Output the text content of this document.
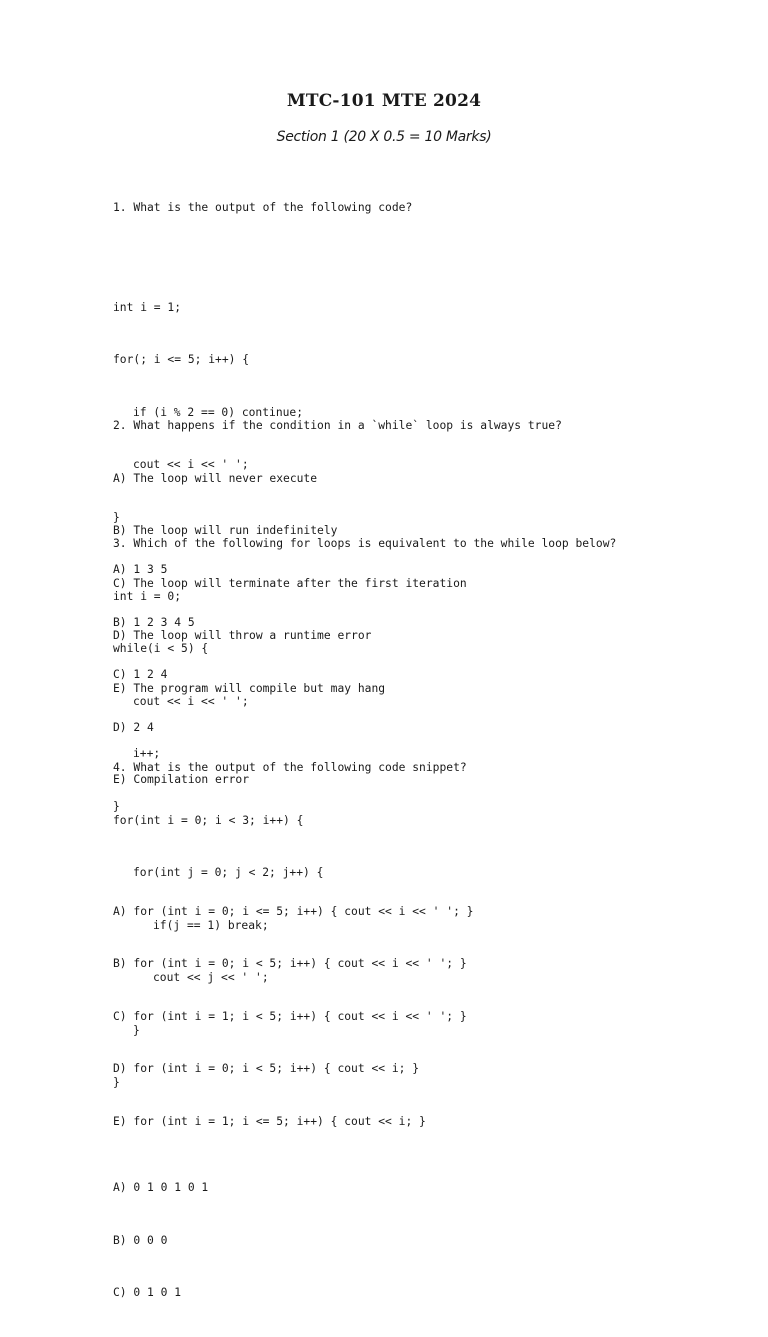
MTC-101 MTE 2024
Section 1 (20 X 0.5 = 10 Marks)

1. What is the output of the following code?

int i = 1;

for(; i <= 5; i++) {

if (i % 2 == 0) continue;

cout << i << ' ';

}

A) 1 3 5

B) 1 2 3 4 5

C) 1 2 4

D) 2 4

E) Compilation error

2. What happens if the condition in a `while` loop is always true?

A) The loop will never execute

B) The loop will run indefinitely

C) The loop will terminate after the first iteration

D) The loop will throw a runtime error

E) The program will compile but may hang

3. Which of the following for loops is equivalent to the while loop below?

int i = 0;

while(i < 5) {

cout << i << ' ';

i++;

}

A) for (int i = 0; i <= 5; i++) { cout << i << ' '; }

B) for (int i = 0; i < 5; i++) { cout << i << ' '; }

C) for (int i = 1; i < 5; i++) { cout << i << ' '; }

D) for (int i = 0; i < 5; i++) { cout << i; }

E) for (int i = 1; i <= 5; i++) { cout << i; }

4. What is the output of the following code snippet?

for(int i = 0; i < 3; i++) {

for(int j = 0; j < 2; j++) {

if(j == 1) break;

cout << j << ' ';

}

}

A) 0 1 0 1 0 1

B) 0 0 0

C) 0 1 0 1
